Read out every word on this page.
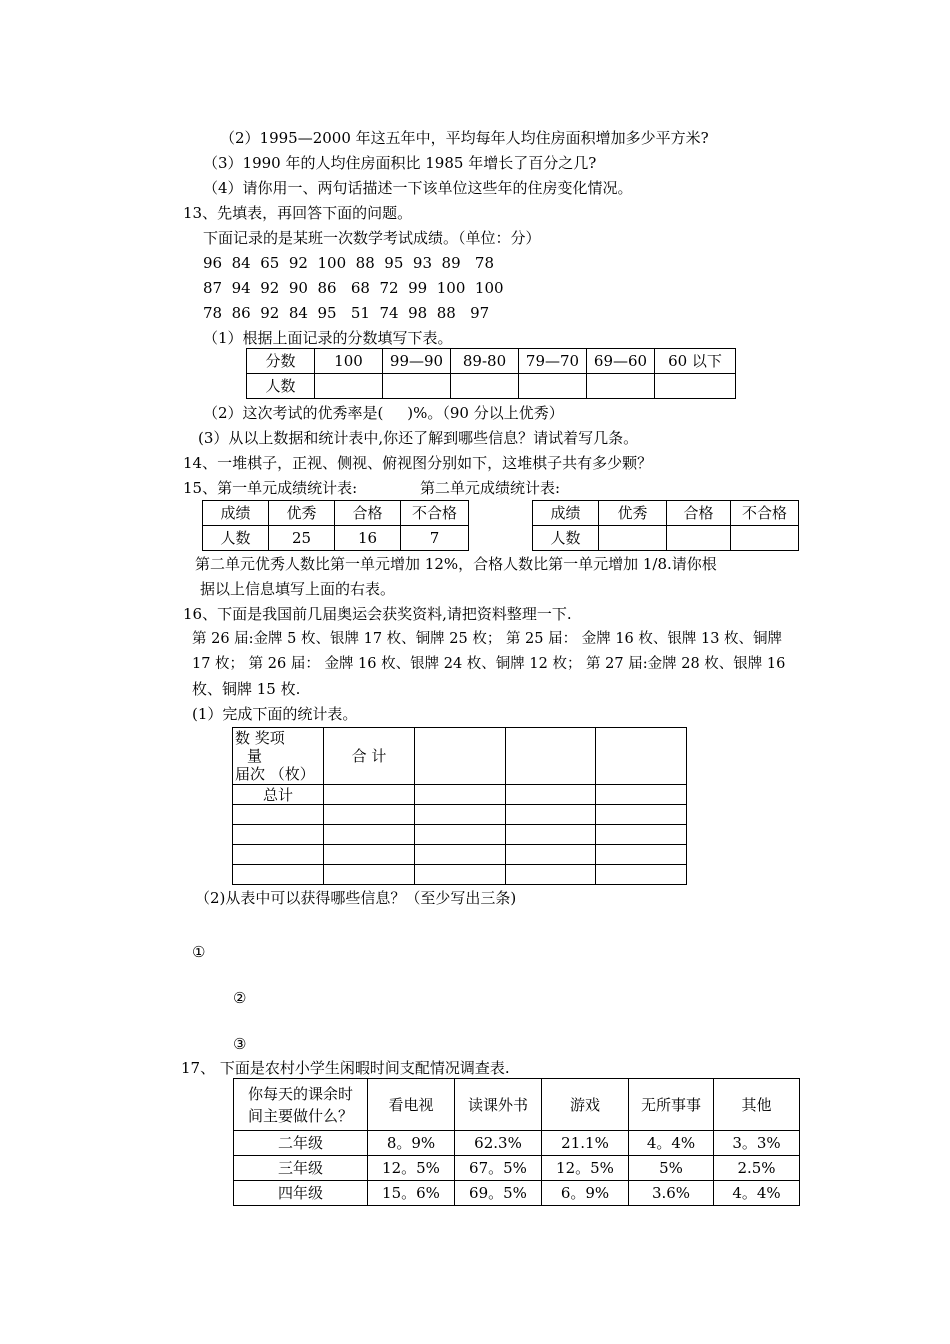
（2）1995—2000 年这五年中，平均每年人均住房面积增加多少平方米?
（3）1990 年的人均住房面积比 1985 年增长了百分之几?
（4）请你用一、两句话描述一下该单位这些年的住房变化情况。
13、先填表，再回答下面的问题。
下面记录的是某班一次数学考试成绩。（单位：分）
96  84  65  92  100  88  95  93  89   78
87  94  92  90  86   68  72  99  100  100
78  86  92  84  95   51  74  98  88   97
（1）根据上面记录的分数填写下表。
分数	100	99—90	89-80	79—70	69—60	60 以下
人数						
（2）这次考试的优秀率是(     )%。（90 分以上优秀）
(3）从以上数据和统计表中,你还了解到哪些信息？请试着写几条。
14、一堆棋子，正视、侧视、俯视图分别如下，这堆棋子共有多少颗？
15、第一单元成绩统计表:	第二单元成绩统计表:
成绩	优秀	合格	不合格
人数	25	16	7
成绩	优秀	合格	不合格
人数			
第二单元优秀人数比第一单元增加 12%，合格人数比第一单元增加 1/8.请你根
据以上信息填写上面的右表。
16、下面是我国前几届奥运会获奖资料,请把资料整理一下.
第 26 届:金牌 5 枚、银牌 17 枚、铜牌 25 枚； 第 25 届： 金牌 16 枚、银牌 13 枚、铜牌
17 枚； 第 26 届： 金牌 16 枚、银牌 24 枚、铜牌 12 枚； 第 27 届:金牌 28 枚、银牌 16
枚、铜牌 15 枚.
(1）完成下面的统计表。
数 奖项
量
届次 （枚）	合 计			
总计				

（2)从表中可以获得哪些信息？（至少写出三条)
①
②
③
17、 下面是农村小学生闲暇时间支配情况调查表.
你每天的课余时
间主要做什么？	看电视	读课外书	游戏	无所事事	其他
二年级	8。9%	62.3%	21.1%	4。4%	3。3%
三年级	12。5%	67。5%	12。5%	5%	2.5%
四年级	15。6%	69。5%	6。9%	3.6%	4。4%
